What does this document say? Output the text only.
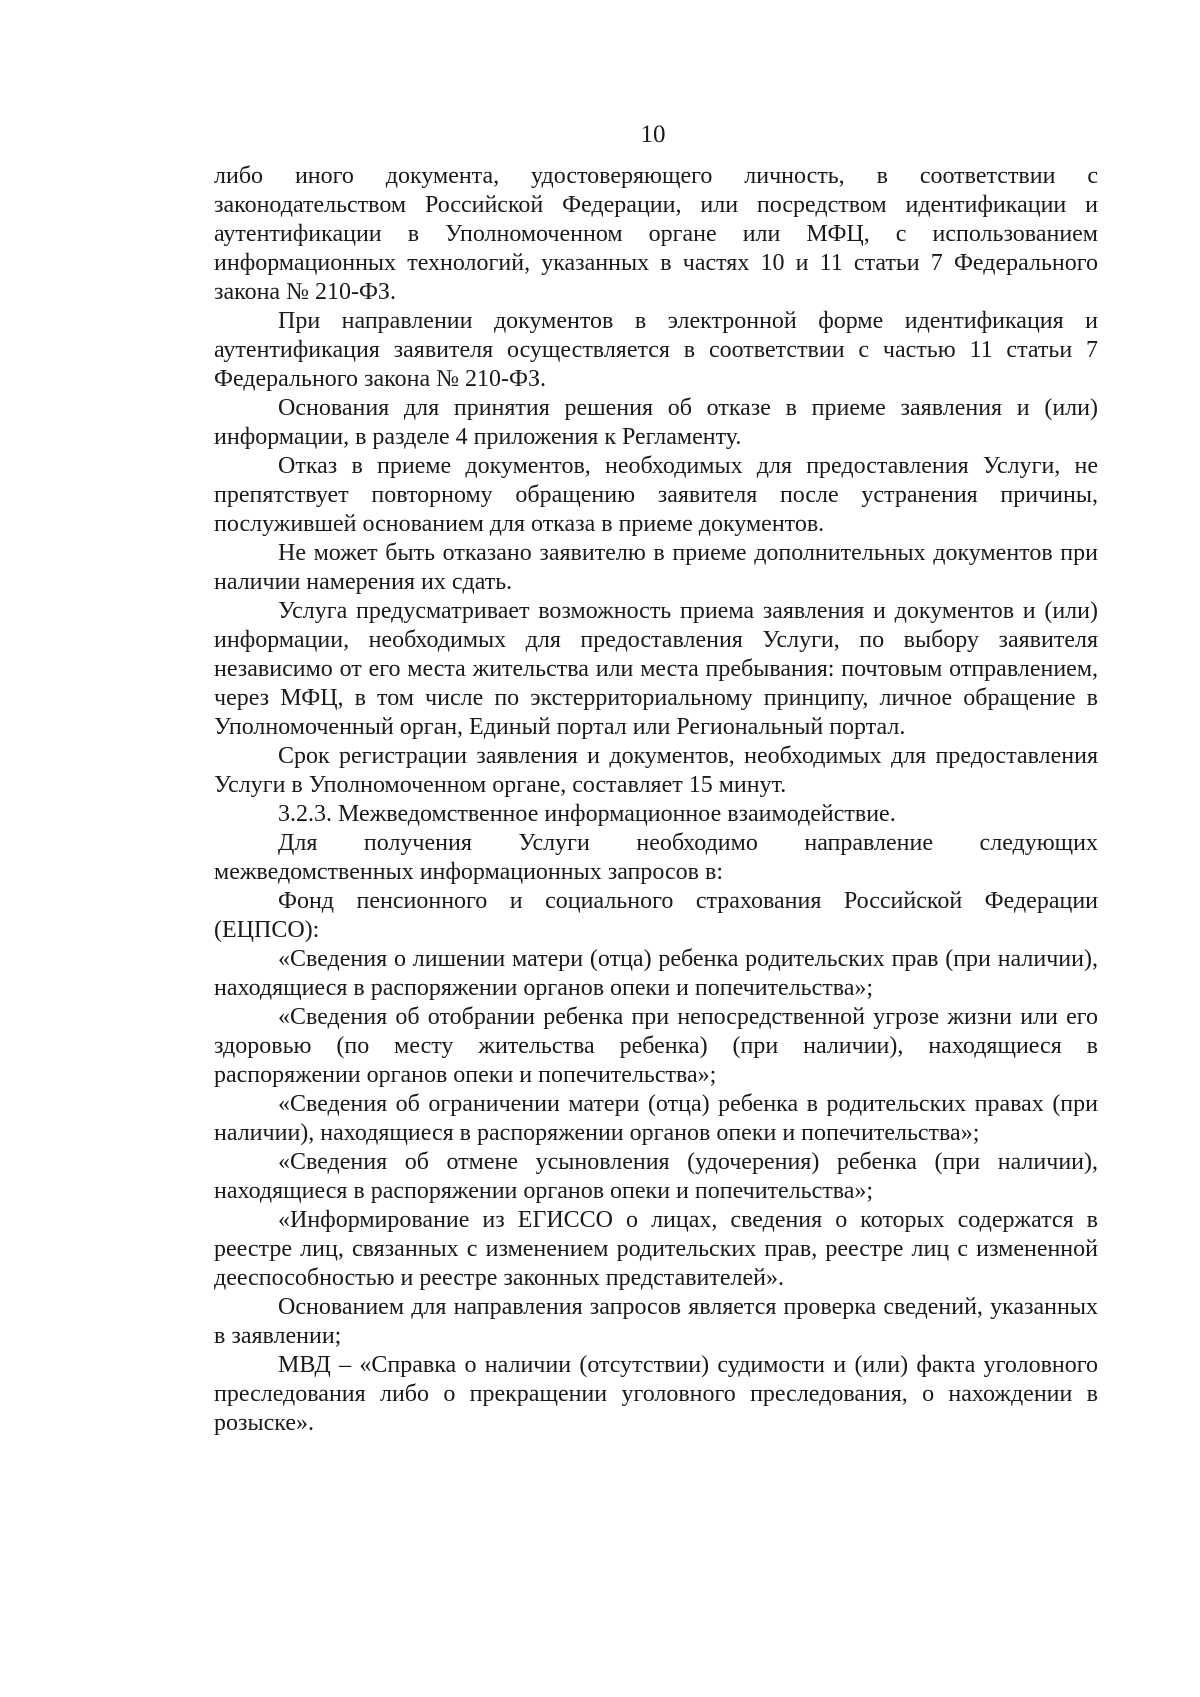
10

либо иного документа, удостоверяющего личность, в соответствии с законодательством Российской Федерации, или посредством идентификации и аутентификации в Уполномоченном органе или МФЦ, с использованием информационных технологий, указанных в частях 10 и 11 статьи 7 Федерального закона № 210-ФЗ.

При направлении документов в электронной форме идентификация и аутентификация заявителя осуществляется в соответствии с частью 11 статьи 7 Федерального закона № 210-ФЗ.

Основания для принятия решения об отказе в приеме заявления и (или) информации, в разделе 4 приложения к Регламенту.

Отказ в приеме документов, необходимых для предоставления Услуги, не препятствует повторному обращению заявителя после устранения причины, послужившей основанием для отказа в приеме документов.

Не может быть отказано заявителю в приеме дополнительных документов при наличии намерения их сдать.

Услуга предусматривает возможность приема заявления и документов и (или) информации, необходимых для предоставления Услуги, по выбору заявителя независимо от его места жительства или места пребывания: почтовым отправлением, через МФЦ, в том числе по экстерриториальному принципу, личное обращение в Уполномоченный орган, Единый портал или Региональный портал.

Срок регистрации заявления и документов, необходимых для предоставления Услуги в Уполномоченном органе, составляет 15 минут.

3.2.3. Межведомственное информационное взаимодействие.

Для получения Услуги необходимо направление следующих межведомственных информационных запросов в:

Фонд пенсионного и социального страхования Российской Федерации (ЕЦПСО):

«Сведения о лишении матери (отца) ребенка родительских прав (при наличии), находящиеся в распоряжении органов опеки и попечительства»;

«Сведения об отобрании ребенка при непосредственной угрозе жизни или его здоровью (по месту жительства ребенка) (при наличии), находящиеся в распоряжении органов опеки и попечительства»;

«Сведения об ограничении матери (отца) ребенка в родительских правах (при наличии), находящиеся в распоряжении органов опеки и попечительства»;

«Сведения об отмене усыновления (удочерения) ребенка (при наличии), находящиеся в распоряжении органов опеки и попечительства»;

«Информирование из ЕГИССО о лицах, сведения о которых содержатся в реестре лиц, связанных с изменением родительских прав, реестре лиц с измененной дееспособностью и реестре законных представителей».

Основанием для направления запросов является проверка сведений, указанных в заявлении;

МВД – «Справка о наличии (отсутствии) судимости и (или) факта уголовного преследования либо о прекращении уголовного преследования, о нахождении в розыске».
